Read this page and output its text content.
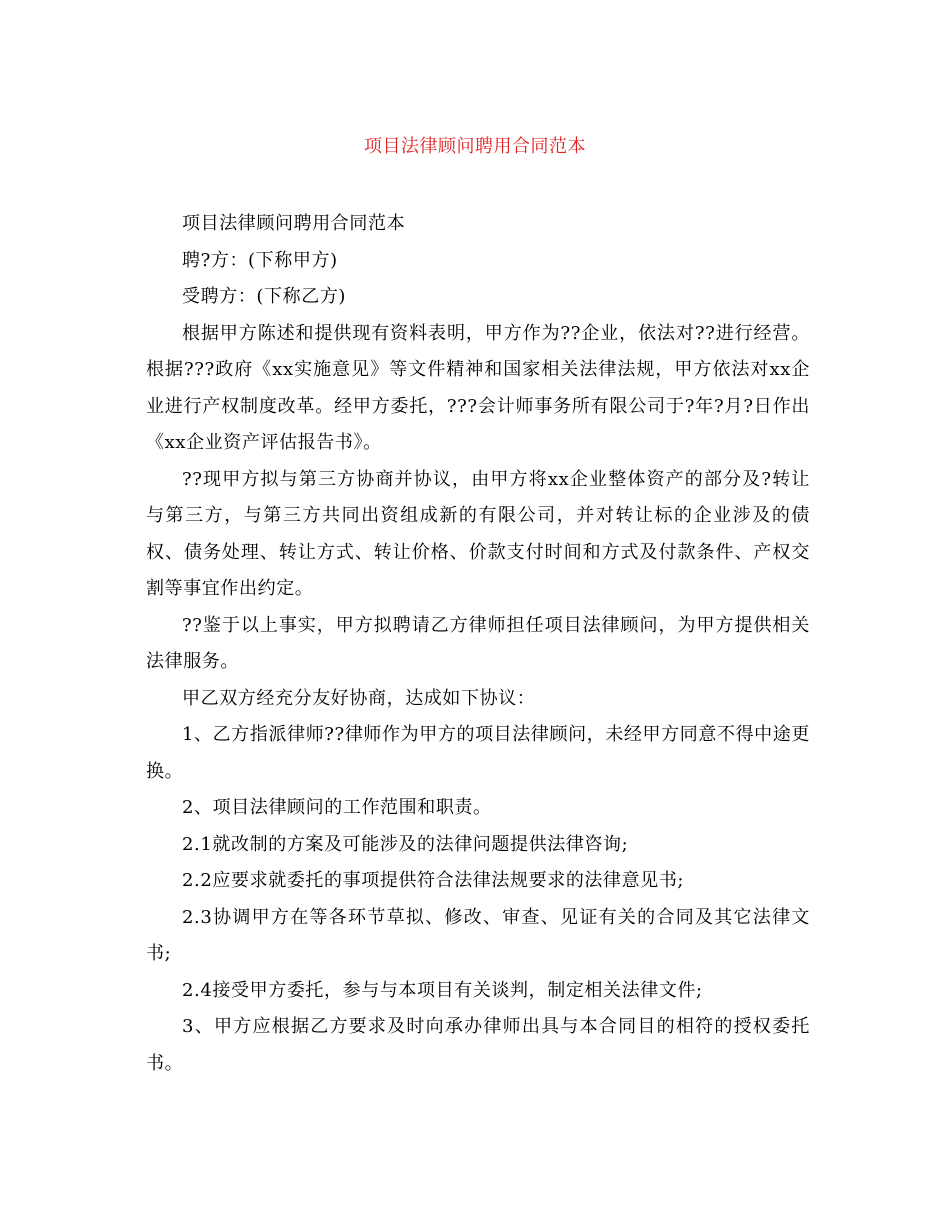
项目法律顾问聘用合同范本

项目法律顾问聘用合同范本

聘?方：(下称甲方)

受聘方：(下称乙方)

根据甲方陈述和提供现有资料表明，甲方作为??企业，依法对??进行经营。根据???政府《xx实施意见》等文件精神和国家相关法律法规，甲方依法对xx企业进行产权制度改革。经甲方委托，???会计师事务所有限公司于?年?月?日作出《xx企业资产评估报告书》。

??现甲方拟与第三方协商并协议，由甲方将xx企业整体资产的部分及?转让与第三方，与第三方共同出资组成新的有限公司，并对转让标的企业涉及的债权、债务处理、转让方式、转让价格、价款支付时间和方式及付款条件、产权交割等事宜作出约定。

??鉴于以上事实，甲方拟聘请乙方律师担任项目法律顾问，为甲方提供相关法律服务。

甲乙双方经充分友好协商，达成如下协议：

1、乙方指派律师??律师作为甲方的项目法律顾问，未经甲方同意不得中途更换。

2、项目法律顾问的工作范围和职责。

2.1就改制的方案及可能涉及的法律问题提供法律咨询;

2.2应要求就委托的事项提供符合法律法规要求的法律意见书;

2.3协调甲方在等各环节草拟、修改、审查、见证有关的合同及其它法律文书;

2.4接受甲方委托，参与与本项目有关谈判，制定相关法律文件;

3、甲方应根据乙方要求及时向承办律师出具与本合同目的相符的授权委托书。
